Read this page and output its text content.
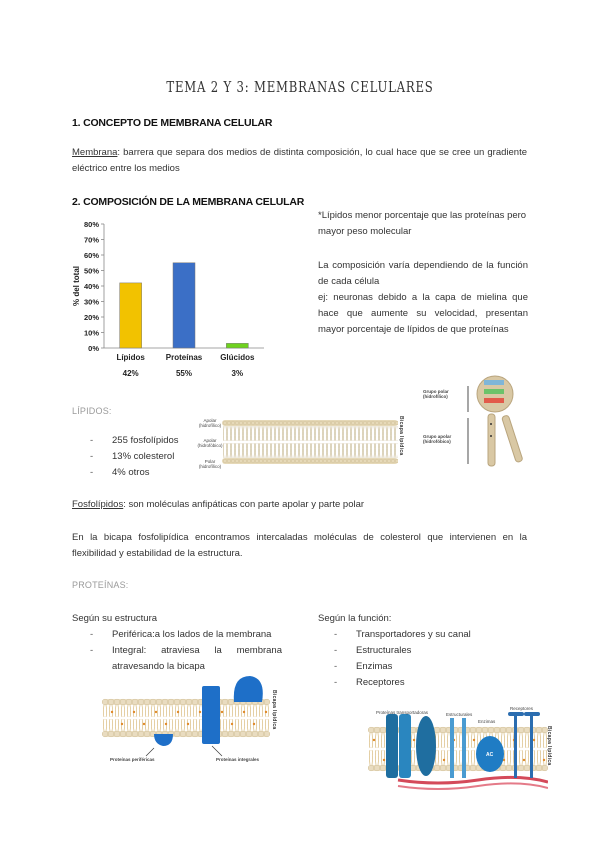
TEMA 2 Y 3: MEMBRANAS CELULARES
1. CONCEPTO DE MEMBRANA CELULAR
Membrana: barrera que separa dos medios de distinta composición, lo cual hace que se cree un gradiente eléctrico entre los medios
2. COMPOSICIÓN DE LA MEMBRANA CELULAR
0%
10%
20%
30%
40%
50%
60%
70%
80%
% del total
Lípidos
42%
Proteínas
55%
Glúcidos
3%
*Lípidos menor porcentaje que las proteínas pero mayor peso molecular
La composición varía dependiendo de la función de cada célula
ej: neuronas debido a la capa de mielina que hace que aumente su velocidad, presentan mayor porcentaje de lípidos de que proteínas
Grupo polar (hidrofílico)
Grupo apolar (hidrofóbico)
LÍPIDOS:
- 255 fosfolípidos
- 13% colesterol
- 4% otros
Apolar (hidrofílico)
Apolar (hidrofóbico)
Polar (hidrofílico)
Bicapa lipídica
Fosfolípidos: son moléculas anfipáticas con parte apolar y parte polar
En la bicapa fosfolipídica encontramos intercaladas moléculas de colesterol que intervienen en la flexibilidad y estabilidad de la estructura.
PROTEÍNAS:
Según su estructura
- Periférica:a los lados de la membrana
- Integral: atraviesa la membrana atravesando la bicapa
Según la función:
- Transportadores y su canal
- Estructurales
- Enzimas
- Receptores
Proteínas periféricas	Proteínas integrales
Bicapa lipídica	Proteínas transportadoras	Estructurales
Enzimas
Receptores
AC	Bicapa lipídica
